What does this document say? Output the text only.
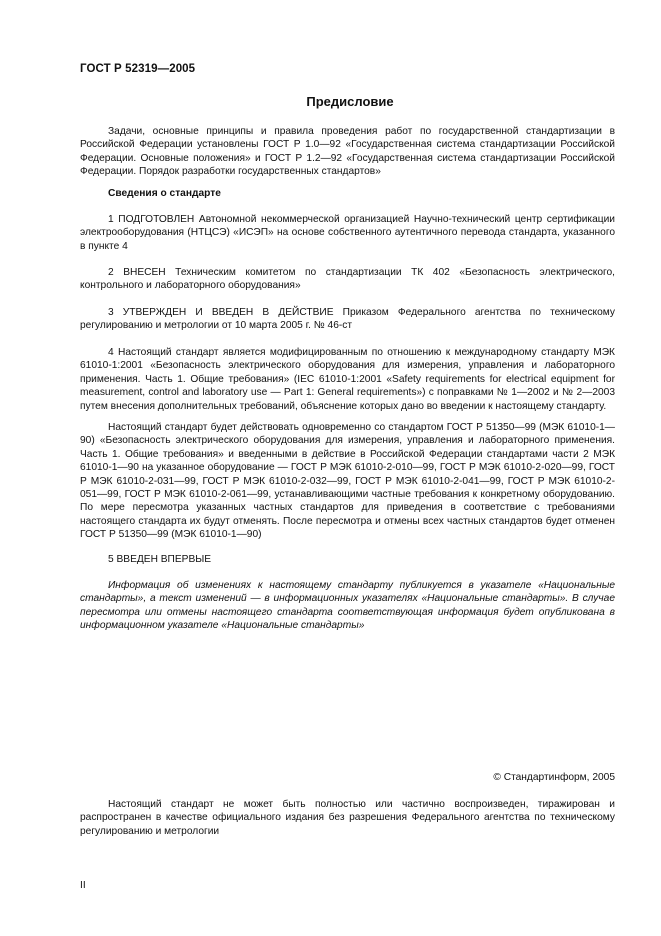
ГОСТ Р 52319—2005
Предисловие

Задачи, основные принципы и правила проведения работ по государственной стандартизации в Российской Федерации установлены ГОСТ Р 1.0—92 «Государственная система стандартизации Российской Федерации. Основные положения» и ГОСТ Р 1.2—92 «Государственная система стандартизации Российской Федерации. Порядок разработки государственных стандартов»

Сведения о стандарте

1 ПОДГОТОВЛЕН Автономной некоммерческой организацией Научно-технический центр сертификации электрооборудования (НТЦСЭ) «ИСЭП» на основе собственного аутентичного перевода стандарта, указанного в пункте 4

2 ВНЕСЕН Техническим комитетом по стандартизации ТК 402 «Безопасность электрического, контрольного и лабораторного оборудования»

3 УТВЕРЖДЕН И ВВЕДЕН В ДЕЙСТВИЕ Приказом Федерального агентства по техническому регулированию и метрологии от 10 марта 2005 г. № 46-ст

4 Настоящий стандарт является модифицированным по отношению к международному стандарту МЭК 61010-1:2001 «Безопасность электрического оборудования для измерения, управления и лабораторного применения. Часть 1. Общие требования» (IEC 61010-1:2001 «Safety requirements for electrical equipment for measurement, control and laboratory use — Part 1: General requirements») с поправками № 1—2002 и № 2—2003 путем внесения дополнительных требований, объяснение которых дано во введении к настоящему стандарту.

Настоящий стандарт будет действовать одновременно со стандартом ГОСТ Р 51350—99 (МЭК 61010-1—90) «Безопасность электрического оборудования для измерения, управления и лабораторного применения. Часть 1. Общие требования» и введенными в действие в Российской Федерации стандартами части 2 МЭК 61010-1—90 на указанное оборудование — ГОСТ Р МЭК 61010-2-010—99, ГОСТ Р МЭК 61010-2-020—99, ГОСТ Р МЭК 61010-2-031—99, ГОСТ Р МЭК 61010-2-032—99, ГОСТ Р МЭК 61010-2-041—99, ГОСТ Р МЭК 61010-2-051—99, ГОСТ Р МЭК 61010-2-061—99, устанавливающими частные требования к конкретному оборудованию. По мере пересмотра указанных частных стандартов для приведения в соответствие с требованиями настоящего стандарта их будут отменять. После пересмотра и отмены всех частных стандартов будет отменен ГОСТ Р 51350—99 (МЭК 61010-1—90)

5 ВВЕДЕН ВПЕРВЫЕ

Информация об изменениях к настоящему стандарту публикуется в указателе «Национальные стандарты», а текст изменений — в информационных указателях «Национальные стандарты». В случае пересмотра или отмены настоящего стандарта соответствующая информация будет опубликована в информационном указателе «Национальные стандарты»

© Стандартинформ, 2005

Настоящий стандарт не может быть полностью или частично воспроизведен, тиражирован и распространен в качестве официального издания без разрешения Федерального агентства по техническому регулированию и метрологии

II
